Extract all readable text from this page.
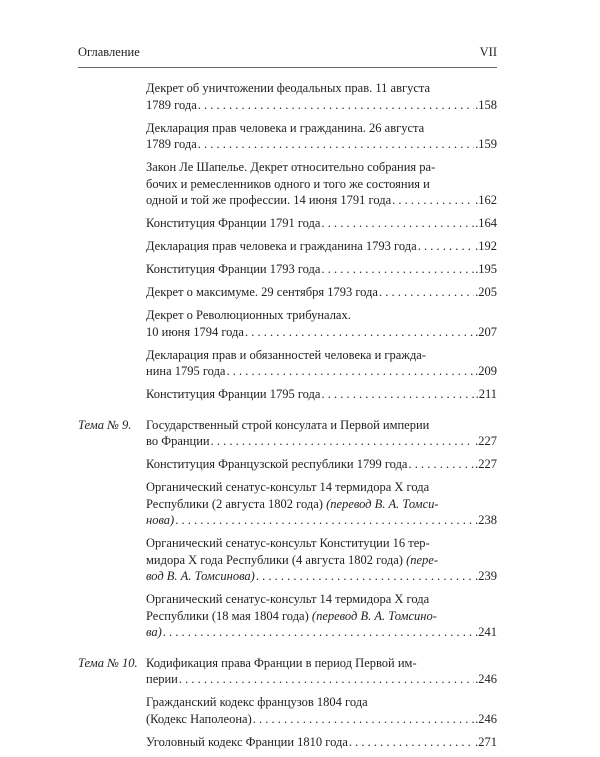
Оглавление	VII
Декрет об уничтожении феодальных прав. 11 августа
1789 года . . .	.158
Декларация прав человека и гражданина. 26 августа
1789 года . . .	.159
Закон Ле Шапелье. Декрет относительно собрания ра-
бочих и ремесленников одного и того же состояния и
одной и той же профессии. 14 июня 1791 года . . .	.162
Конституция Франции 1791 года . . .	.164
Декларация прав человека и гражданина 1793 года . . .	.192
Конституция Франции 1793 года . . .	.195
Декрет о максимуме. 29 сентября 1793 года . . .	.205
Декрет о Революционных трибуналах.
10 июня 1794 года . . .	.207
Декларация прав и обязанностей человека и гражда-
нина 1795 года . . .	.209
Конституция Франции 1795 года . . .	.211
Тема № 9. Государственный строй консулата и Первой империи
во Франции . . .	.227
Конституция Французской республики 1799 года . . .	.227
Органический сенатус-консульт 14 термидора X года
Республики (2 августа 1802 года) (перевод В. А. Томси-
нова) . . .	.238
Органический сенатус-консульт Конституции 16 тер-
мидора X года Республики (4 августа 1802 года) (пере-
вод В. А. Томсинова) . . .	.239
Органический сенатус-консульт 14 термидора X года
Республики (18 мая 1804 года) (перевод В. А. Томсино-
ва) . . .	.241
Тема № 10. Кодификация права Франции в период Первой им-
перии . . .	.246
Гражданский кодекс французов 1804 года
(Кодекс Наполеона) . . .	.246
Уголовный кодекс Франции 1810 года . . .	.271
